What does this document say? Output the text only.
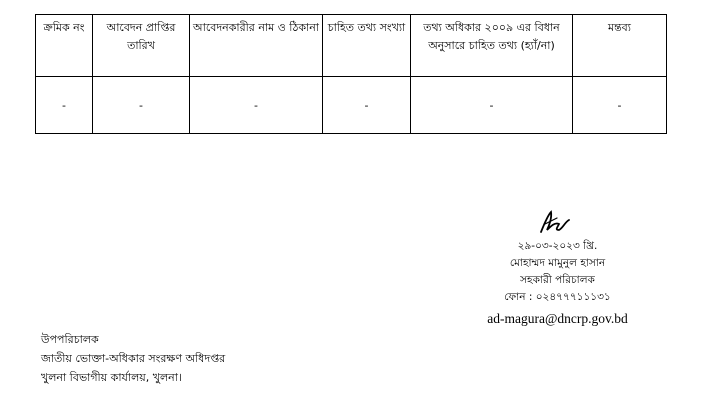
ক্রমিক নং	আবেদন প্রাপ্তির তারিখ	আবেদনকারীর নাম ও ঠিকানা	চাহিত তথ্য সংখ্যা	তথ্য অধিকার ২০০৯ এর বিধান অনুসারে চাহিত তথ্য (হ্যাঁ/না)	মন্তব্য
-	-	-	-	-	-
২৯-০৩-২০২৩ খ্রি.
মোহাম্মদ মামুনুল হাসান
সহকারী পরিচালক
ফোন : ০২৪৭৭৭১১১৩১
ad-magura@dncrp.gov.bd
উপপরিচালক
জাতীয় ভোক্তা-অধিকার সংরক্ষণ অধিদপ্তর
খুলনা বিভাগীয় কার্যালয়, খুলনা।
